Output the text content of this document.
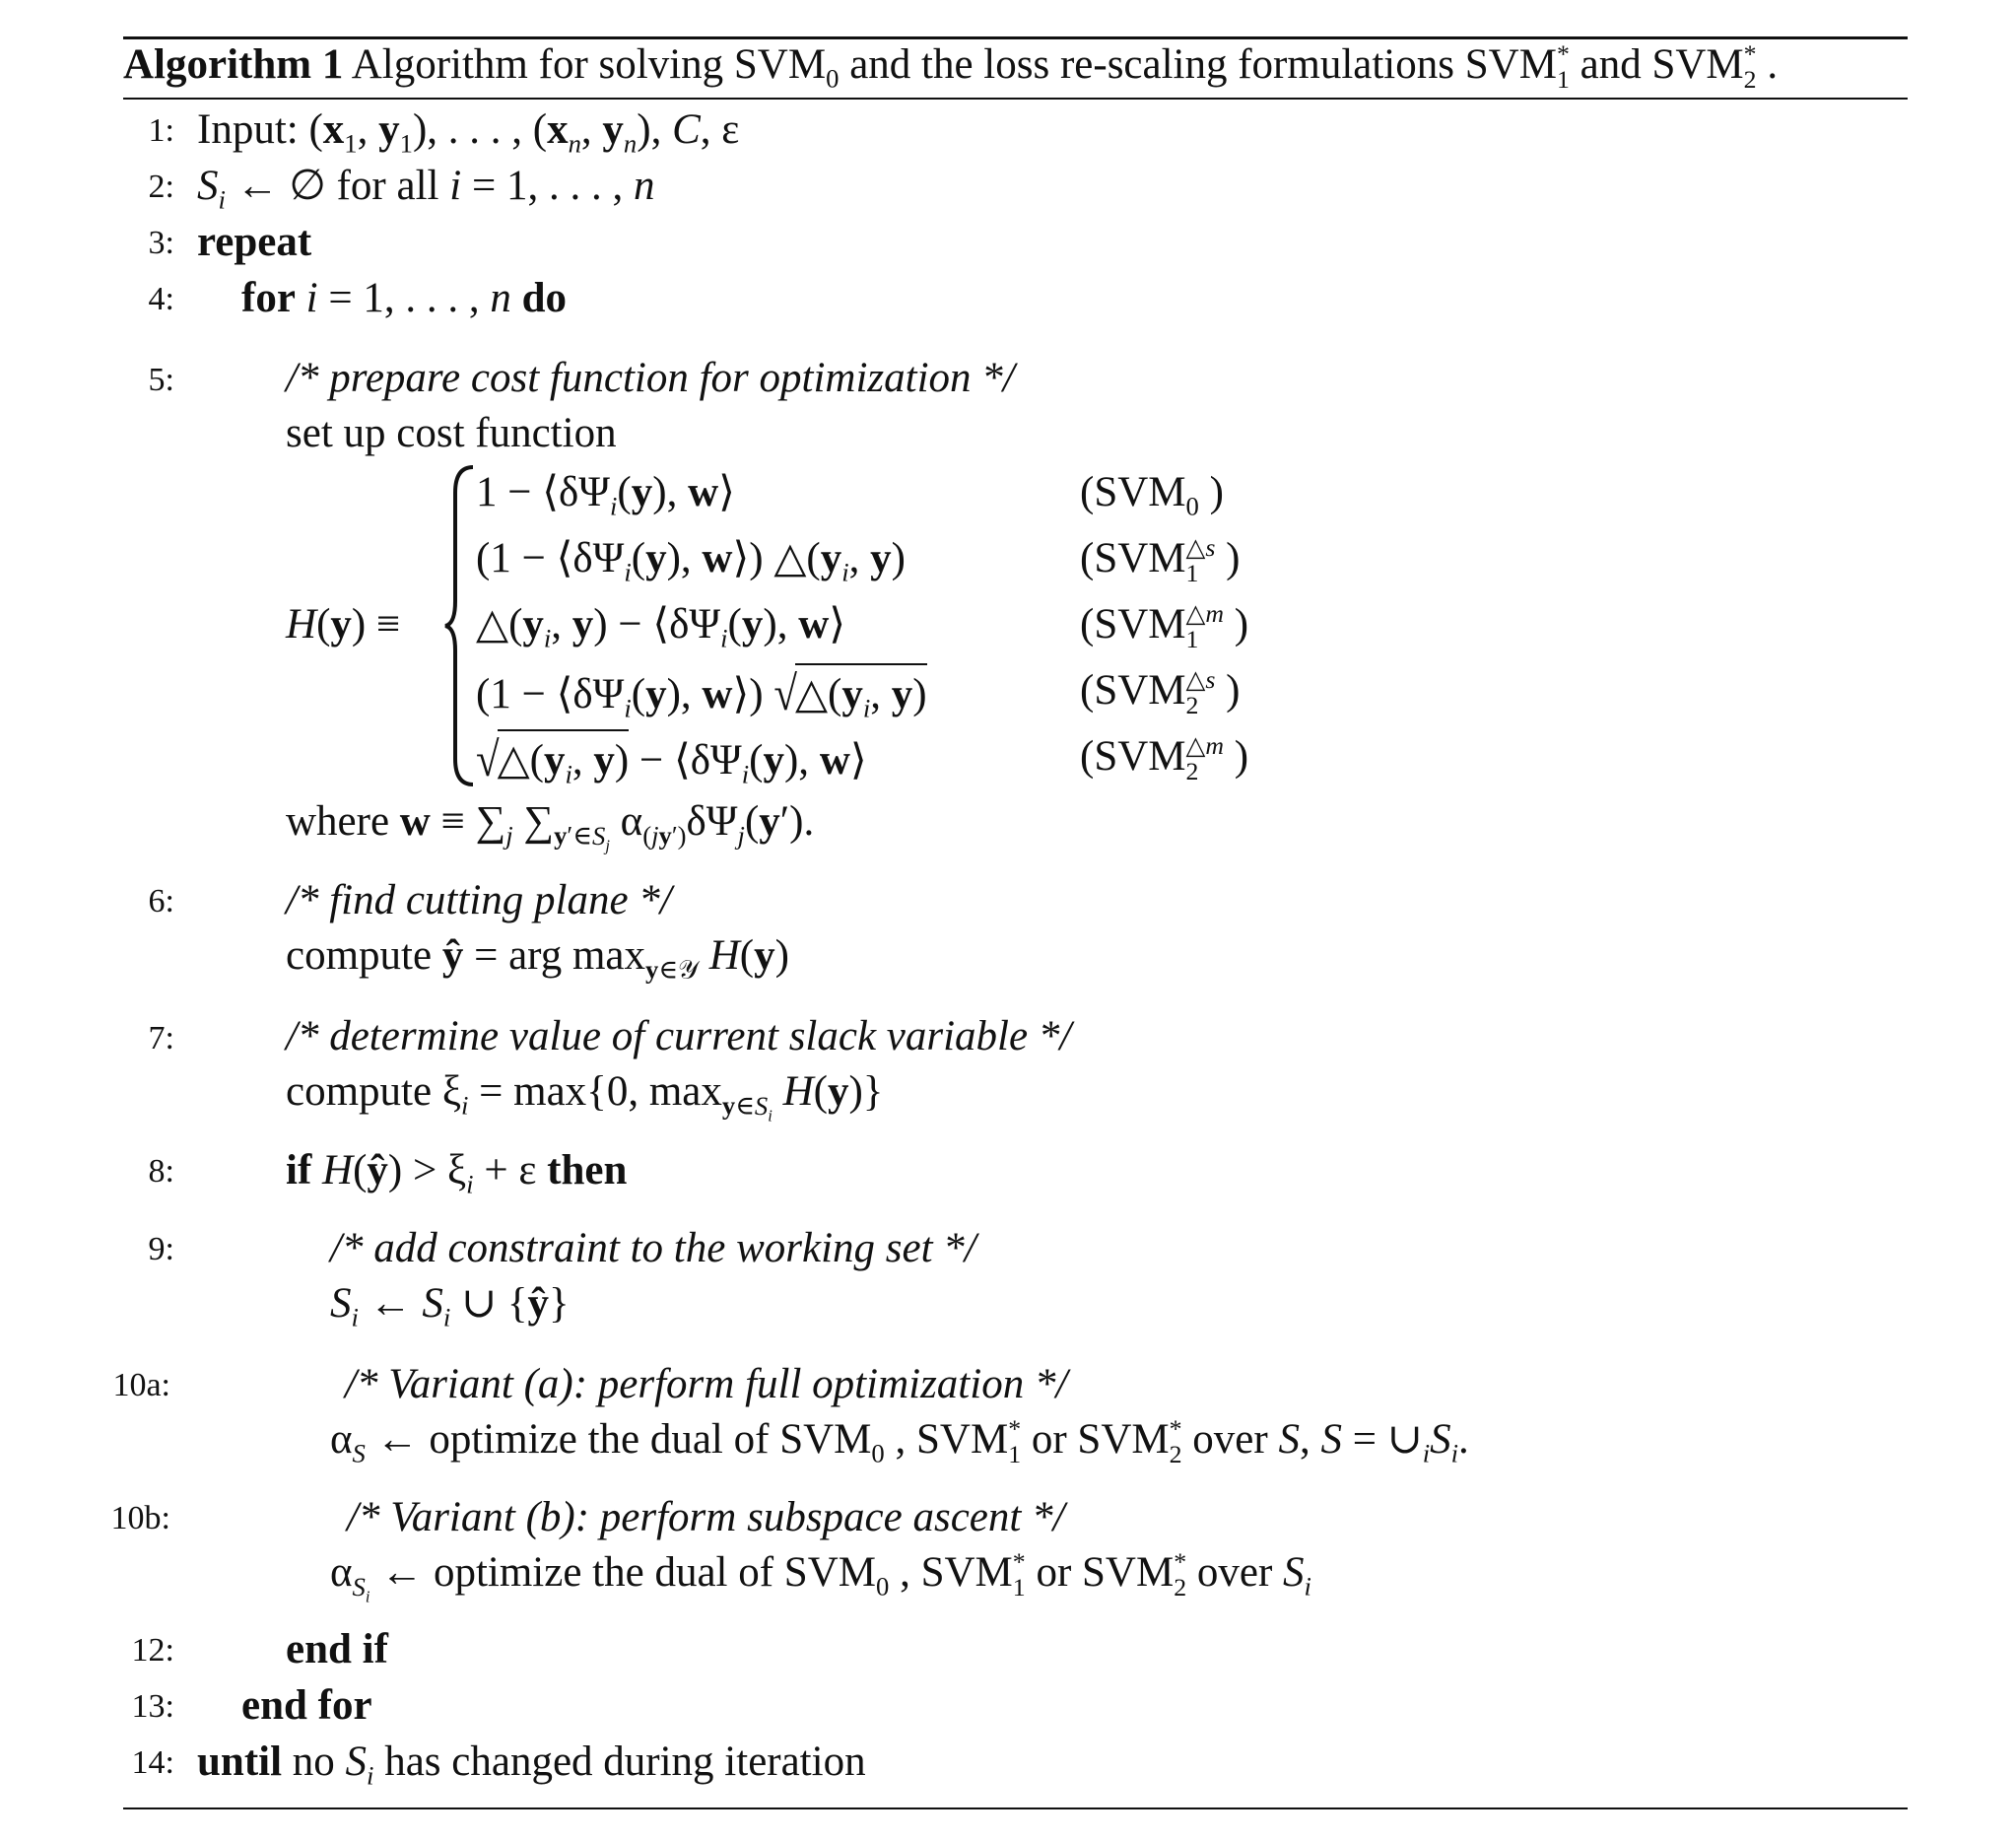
Algorithm 1 Algorithm for solving $SVM_0$ and the loss re-scaling formulations SVM *
1 and SVM *
2 .
1:
2:
3:
4:
5:
6:
7:
8:
9:
10a:
10b:
12:
13:
14:
Input: ($x_1$, $y_1$), . . . , ($x_n$, $y_n$), C, ε
$S_i$ ← ∅ for all i = 1, . . . , n
repeat
for i = 1, . . . , n do
/* prepare cost function for optimization */
set up cost function
H(y) ≡
$1 - ⟨\delta\Psi_i(y)$, w⟩
($1 - ⟨\delta\Psi_i(y)$, w⟩) $\triangle(y_i$, y)
$\triangle(y_i$, $y) - ⟨\delta\Psi_i(y)$, w⟩
($1 - ⟨\delta\Psi_i(y)$, w⟩) $√\triangle(y_i$, y)
$√\triangle(y_i$, $y) - ⟨\delta\Psi_i(y)$, w⟩
($SVM_0$ )
(SVM △s
1 )
(SVM △m
1 )
(SVM △s
2 )
(SVM △m
2 )
where $w \equiv \sum_j$ $\sum_{y'\in S_j}$ $\alpha_{(jy')}\delta\Psi_j(y')$.
/* find cutting plane */
compute ŷ = arg $\max_{y\in 𝒴} H(y)$
/* determine value of current slack variable */
compute $\xi_i = \max\{0$, $\max_{y\in S_i} H(y)$}
if H(ŷ) > $\xi_i + \varepsilon$ then
/* add constraint to the working set */
$S_i$ ← $S_i$ ∪ {ŷ}
/* Variant (a): perform full optimization */
$\alpha_S$ ← optimize the dual of $SVM_0$ , SVM *
1 or SVM *
2 over S, $S = \cup_iS_i$.
/* Variant (b): perform subspace ascent */
$\alpha_{S_i}$ ← optimize the dual of $SVM_0$ , SVM *
1 or SVM *
2 over $S_i$
end if
end for
until no $S_i$ has changed during iteration
